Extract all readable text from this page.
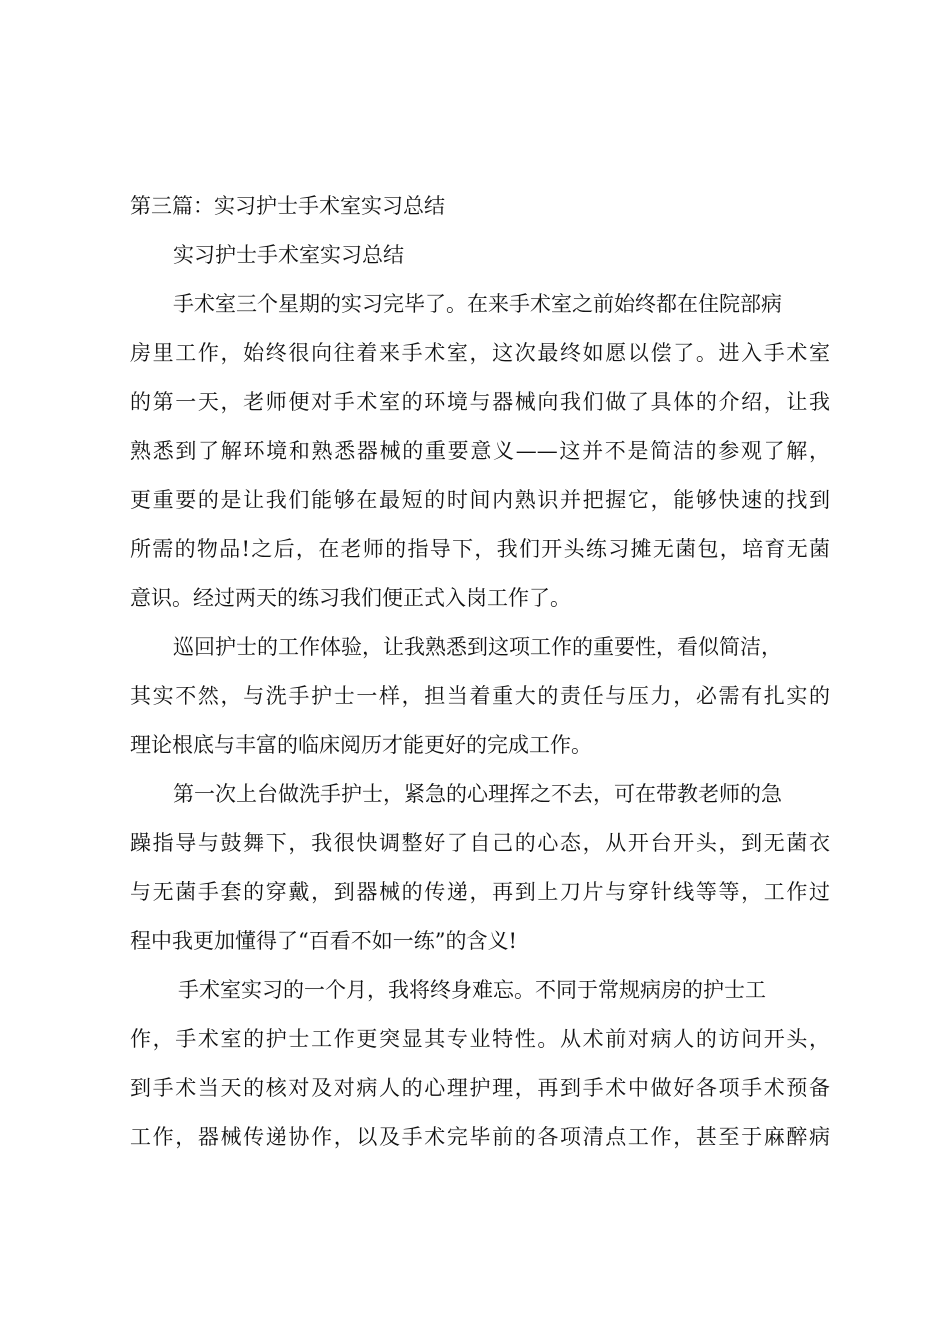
第三篇：实习护士手术室实习总结

实习护士手术室实习总结

手术室三个星期的实习完毕了。在来手术室之前始终都在住院部病

房里工作，始终很向往着来手术室，这次最终如愿以偿了。进入手术室

的第一天，老师便对手术室的环境与器械向我们做了具体的介绍，让我

熟悉到了解环境和熟悉器械的重要意义——这并不是简洁的参观了解，

更重要的是让我们能够在最短的时间内熟识并把握它，能够快速的找到

所需的物品!之后，在老师的指导下，我们开头练习摊无菌包，培育无菌

意识。经过两天的练习我们便正式入岗工作了。

巡回护士的工作体验，让我熟悉到这项工作的重要性，看似简洁，

其实不然，与洗手护士一样，担当着重大的责任与压力，必需有扎实的

理论根底与丰富的临床阅历才能更好的完成工作。

第一次上台做洗手护士，紧急的心理挥之不去，可在带教老师的急

躁指导与鼓舞下，我很快调整好了自己的心态，从开台开头，到无菌衣

与无菌手套的穿戴，到器械的传递，再到上刀片与穿针线等等，工作过

程中我更加懂得了“百看不如一练”的含义!

手术室实习的一个月，我将终身难忘。不同于常规病房的护士工

作，手术室的护士工作更突显其专业特性。从术前对病人的访问开头，

到手术当天的核对及对病人的心理护理，再到手术中做好各项手术预备

工作，器械传递协作，以及手术完毕前的各项清点工作，甚至于麻醉病
